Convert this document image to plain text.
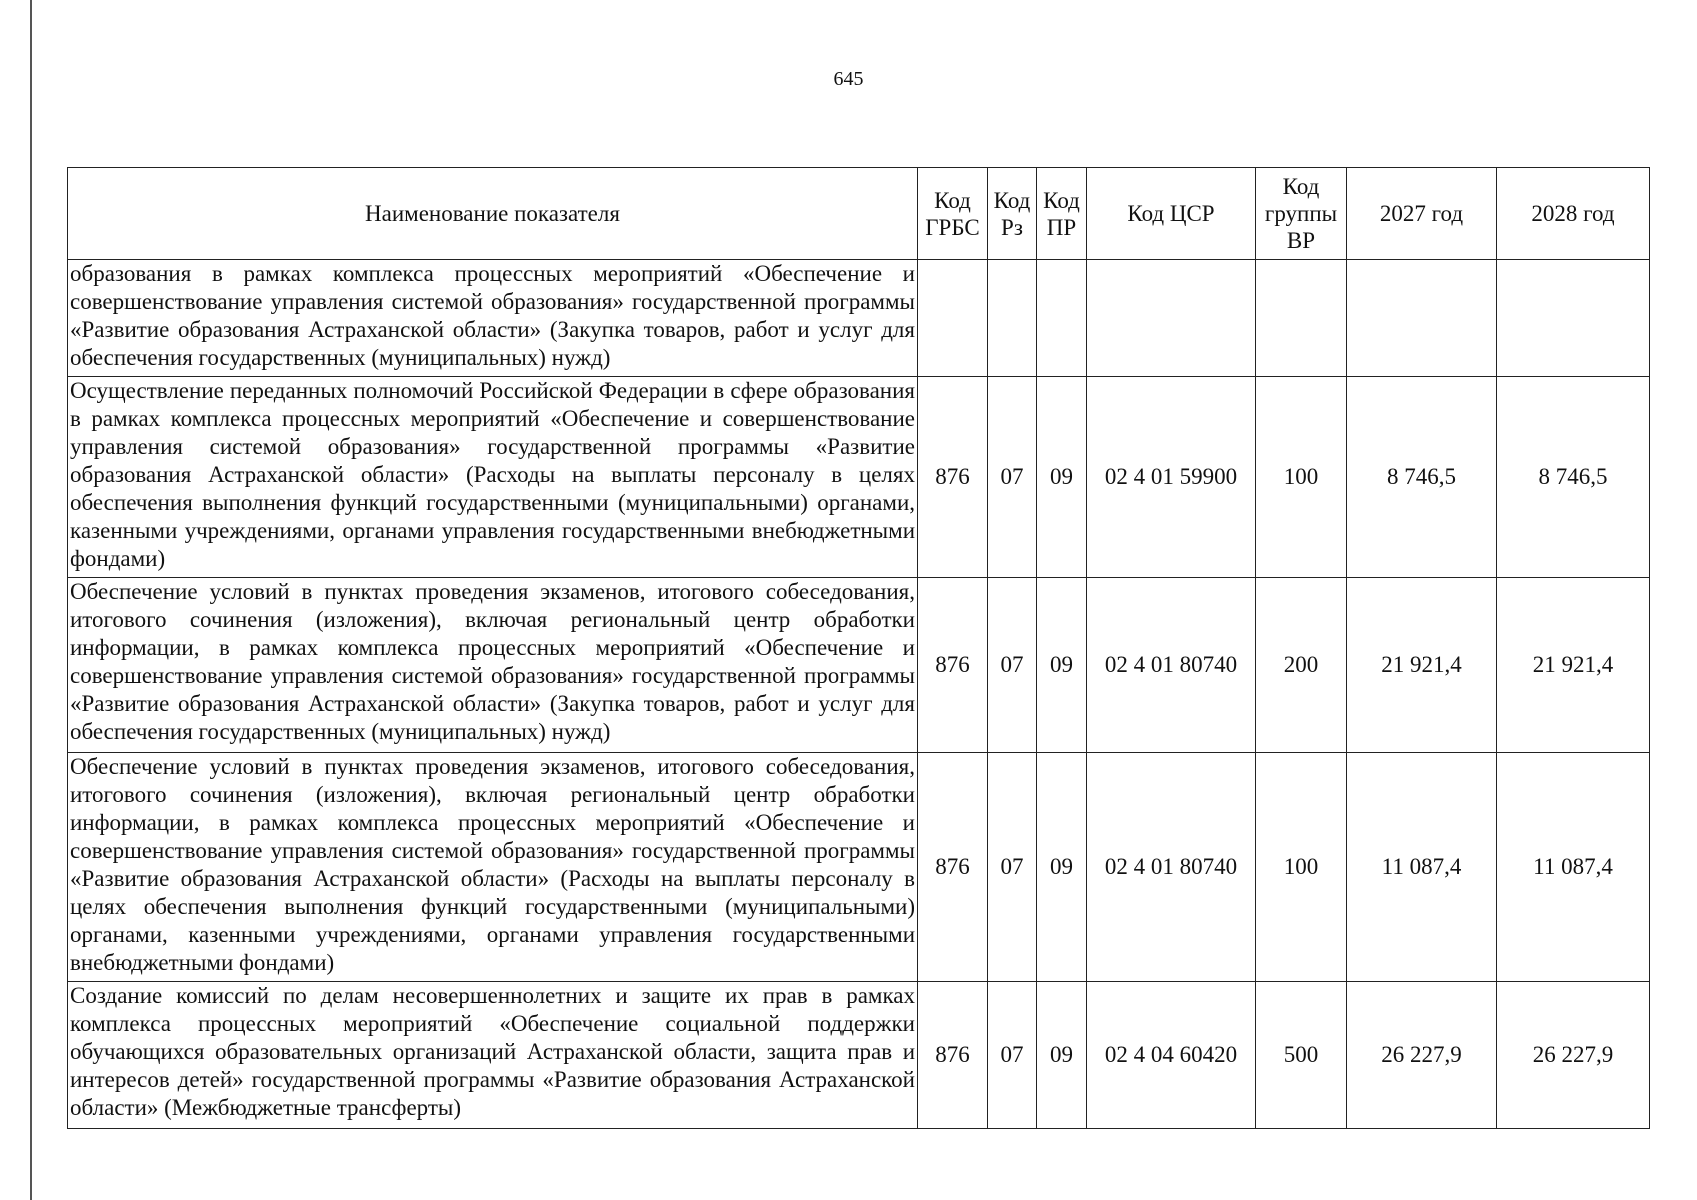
645
Наименование показателя	Код ГРБС	Код Рз	Код ПР	Код ЦСР	Код группы ВР	2027 год	2028 год
образования в рамках комплекса процессных мероприятий «Обеспечение и совершенствование управления системой образования» государственной программы «Развитие образования Астраханской области» (Закупка товаров, работ и услуг для обеспечения государственных (муниципальных) нужд)							
Осуществление переданных полномочий Российской Федерации в сфере образования в рамках комплекса процессных мероприятий «Обеспечение и совершенствование управления системой образования» государственной программы «Развитие образования Астраханской области» (Расходы на выплаты персоналу в целях обеспечения выполнения функций государственными (муниципальными) органами, казенными учреждениями, органами управления государственными внебюджетными фондами)	876	07	09	02 4 01 59900	100	8 746,5	8 746,5
Обеспечение условий в пунктах проведения экзаменов, итогового собеседования, итогового сочинения (изложения), включая региональный центр обработки информации, в рамках комплекса процессных мероприятий «Обеспечение и совершенствование управления системой образования» государственной программы «Развитие образования Астраханской области» (Закупка товаров, работ и услуг для обеспечения государственных (муниципальных) нужд)	876	07	09	02 4 01 80740	200	21 921,4	21 921,4
Обеспечение условий в пунктах проведения экзаменов, итогового собеседования, итогового сочинения (изложения), включая региональный центр обработки информации, в рамках комплекса процессных мероприятий «Обеспечение и совершенствование управления системой образования» государственной программы «Развитие образования Астраханской области» (Расходы на выплаты персоналу в целях обеспечения выполнения функций государственными (муниципальными) органами, казенными учреждениями, органами управления государственными внебюджетными фондами)	876	07	09	02 4 01 80740	100	11 087,4	11 087,4
Создание комиссий по делам несовершеннолетних и защите их прав в рамках комплекса процессных мероприятий «Обеспечение социальной поддержки обучающихся образовательных организаций Астраханской области, защита прав и интересов детей» государственной программы «Развитие образования Астраханской области» (Межбюджетные трансферты)	876	07	09	02 4 04 60420	500	26 227,9	26 227,9
